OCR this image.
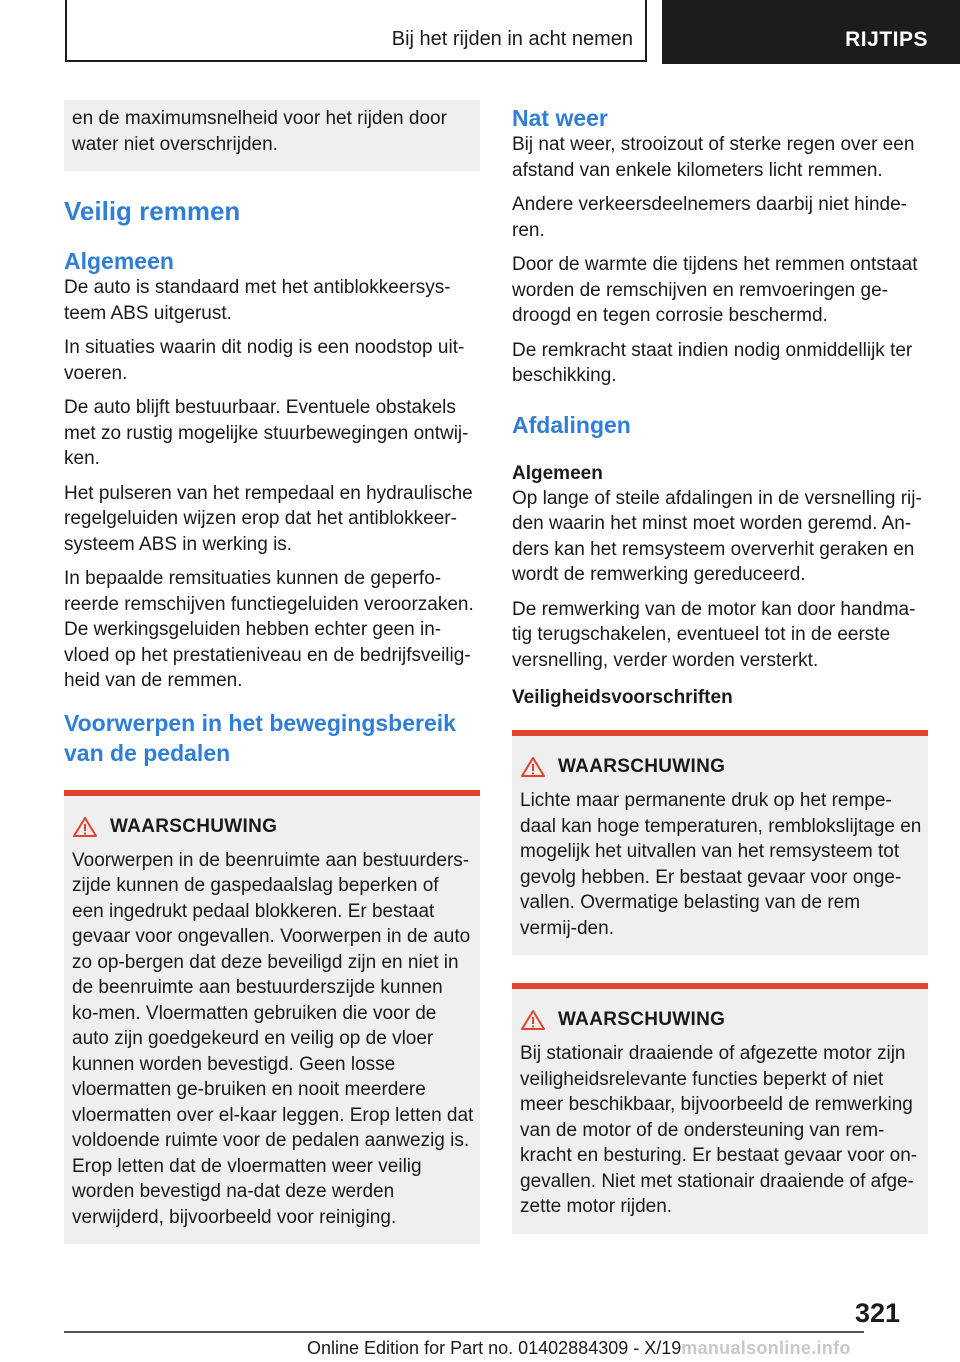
Bij het rijden in acht nemen	RIJTIPS

en de maximumsnelheid voor het rijden door water niet overschrijden.

Veilig remmen
Algemeen

De auto is standaard met het antiblokkeersys-teem ABS uitgerust.

In situaties waarin dit nodig is een noodstop uit-voeren.

De auto blijft bestuurbaar. Eventuele obstakels met zo rustig mogelijke stuurbewegingen ontwij-ken.

Het pulseren van het rempedaal en hydraulische regelgeluiden wijzen erop dat het antiblokkeer-systeem ABS in werking is.

In bepaalde remsituaties kunnen de geperfo-reerde remschijven functiegeluiden veroorzaken. De werkingsgeluiden hebben echter geen in-vloed op het prestatieniveau en de bedrijfsveilig-heid van de remmen.

Voorwerpen in het bewegingsbereik van de pedalen
WAARSCHUWING

Voorwerpen in de beenruimte aan bestuurders-zijde kunnen de gaspedaalslag beperken of een ingedrukt pedaal blokkeren. Er bestaat gevaar voor ongevallen. Voorwerpen in de auto zo op-bergen dat deze beveiligd zijn en niet in de beenruimte aan bestuurderszijde kunnen ko-men. Vloermatten gebruiken die voor de auto zijn goedgekeurd en veilig op de vloer kunnen worden bevestigd. Geen losse vloermatten ge-bruiken en nooit meerdere vloermatten over el-kaar leggen. Erop letten dat voldoende ruimte voor de pedalen aanwezig is. Erop letten dat de vloermatten weer veilig worden bevestigd na-dat deze werden verwijderd, bijvoorbeeld voor reiniging.

Nat weer

Bij nat weer, strooizout of sterke regen over een afstand van enkele kilometers licht remmen.

Andere verkeersdeelnemers daarbij niet hinde-ren.

Door de warmte die tijdens het remmen ontstaat worden de remschijven en remvoeringen ge-droogd en tegen corrosie beschermd.

De remkracht staat indien nodig onmiddellijk ter beschikking.

Afdalingen
Algemeen

Op lange of steile afdalingen in de versnelling rij-den waarin het minst moet worden geremd. An-ders kan het remsysteem oververhit geraken en wordt de remwerking gereduceerd.

De remwerking van de motor kan door handma-tig terugschakelen, eventueel tot in de eerste versnelling, verder worden versterkt.

Veiligheidsvoorschriften
WAARSCHUWING

Lichte maar permanente druk op het rempe-daal kan hoge temperaturen, remblokslijtage en mogelijk het uitvallen van het remsysteem tot gevolg hebben. Er bestaat gevaar voor onge-vallen. Overmatige belasting van de rem vermij-den.

WAARSCHUWING

Bij stationair draaiende of afgezette motor zijn veiligheidsrelevante functies beperkt of niet meer beschikbaar, bijvoorbeeld de remwerking van de motor of de ondersteuning van rem-kracht en besturing. Er bestaat gevaar voor on-gevallen. Niet met stationair draaiende of afge-zette motor rijden.

321
Online Edition for Part no. 01402884309 - X/19manualsonline.info
